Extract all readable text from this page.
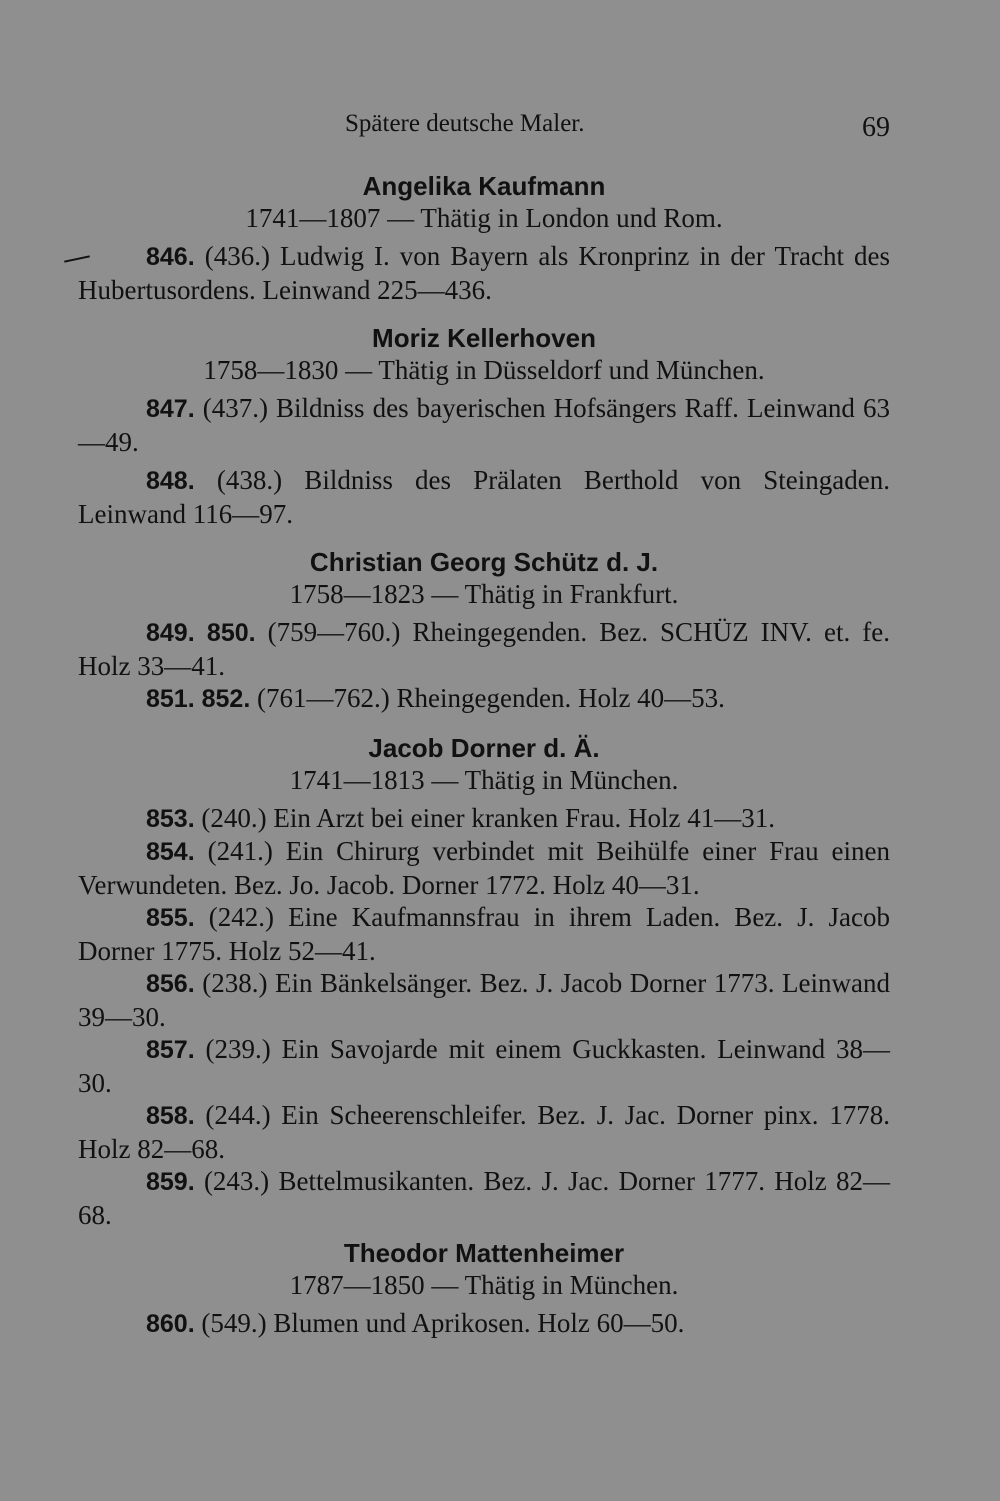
Spätere deutsche Maler.	69

Angelika Kaufmann

1741—1807 — Thätig in London und Rom.

846. (436.) Ludwig I. von Bayern als Kronprinz in der Tracht des Hubertusordens. Leinwand 225—436.

Moriz Kellerhoven

1758—1830 — Thätig in Düsseldorf und München.

847. (437.) Bildniss des bayerischen Hofsängers Raff. Leinwand 63—49.

848. (438.) Bildniss des Prälaten Berthold von Steingaden. Leinwand 116—97.

Christian Georg Schütz d. J.

1758—1823 — Thätig in Frankfurt.

849. 850. (759—760.) Rheingegenden. Bez. SCHÜZ INV. et. fe. Holz 33—41.

851. 852. (761—762.) Rheingegenden. Holz 40—53.

Jacob Dorner d. Ä.

1741—1813 — Thätig in München.

853. (240.) Ein Arzt bei einer kranken Frau. Holz 41—31.

854. (241.) Ein Chirurg verbindet mit Beihülfe einer Frau einen Verwundeten. Bez. Jo. Jacob. Dorner 1772. Holz 40—31.

855. (242.) Eine Kaufmannsfrau in ihrem Laden. Bez. J. Jacob Dorner 1775. Holz 52—41.

856. (238.) Ein Bänkelsänger. Bez. J. Jacob Dorner 1773. Leinwand 39—30.

857. (239.) Ein Savojarde mit einem Guckkasten. Leinwand 38—30.

858. (244.) Ein Scheerenschleifer. Bez. J. Jac. Dorner pinx. 1778. Holz 82—68.

859. (243.) Bettelmusikanten. Bez. J. Jac. Dorner 1777. Holz 82—68.

Theodor Mattenheimer

1787—1850 — Thätig in München.

860. (549.) Blumen und Aprikosen. Holz 60—50.
